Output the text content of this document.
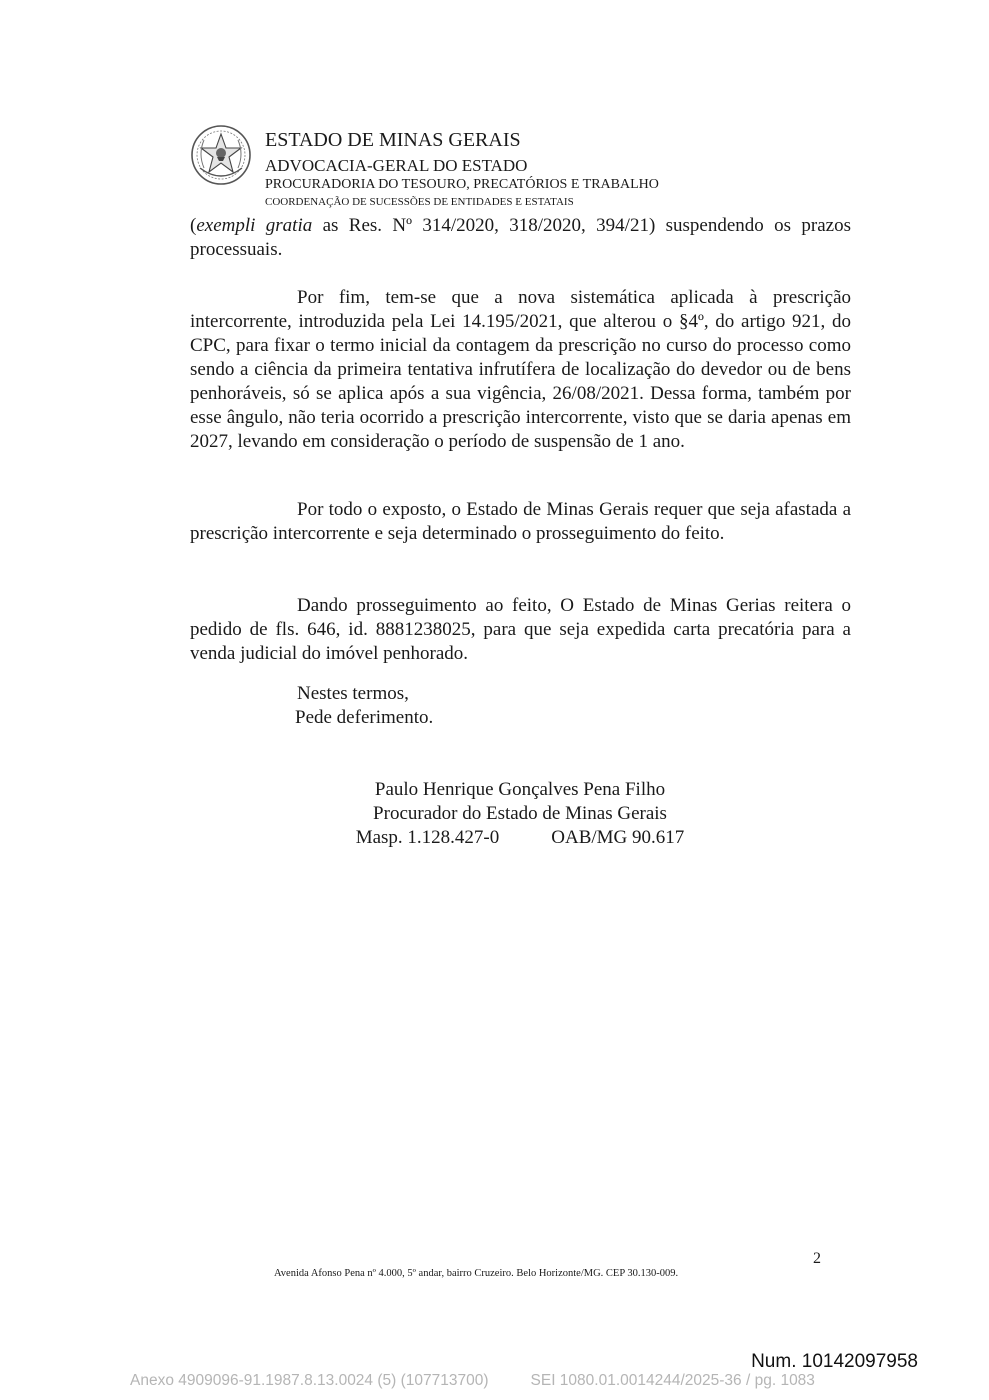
ESTADO DE MINAS GERAIS
ADVOCACIA-GERAL DO ESTADO
PROCURADORIA DO TESOURO, PRECATÓRIOS E TRABALHO
COORDENAÇÃO DE SUCESSÕES DE ENTIDADES E ESTATAIS

(exempli gratia as Res. Nº 314/2020, 318/2020, 394/21) suspendendo os prazos processuais.

Por fim, tem-se que a nova sistemática aplicada à prescrição intercorrente, introduzida pela Lei 14.195/2021, que alterou o §4º, do artigo 921, do CPC, para fixar o termo inicial da contagem da prescrição no curso do processo como sendo a ciência da primeira tentativa infrutífera de localização do devedor ou de bens penhoráveis, só se aplica após a sua vigência, 26/08/2021. Dessa forma, também por esse ângulo, não teria ocorrido a prescrição intercorrente, visto que se daria apenas em 2027, levando em consideração o período de suspensão de 1 ano.

Por todo o exposto, o Estado de Minas Gerais requer que seja afastada a prescrição intercorrente e seja determinado o prosseguimento do feito.

Dando prosseguimento ao feito, O Estado de Minas Gerias reitera o pedido de fls. 646, id. 8881238025, para que seja expedida carta precatória para a venda judicial do imóvel penhorado.

Nestes termos,
Pede deferimento.
Paulo Henrique Gonçalves Pena Filho
Procurador do Estado de Minas Gerais
Masp. 1.128.427-0	OAB/MG 90.617
2
Avenida Afonso Pena nº 4.000, 5º andar, bairro Cruzeiro. Belo Horizonte/MG. CEP 30.130-009.
Num. 10142097958
Anexo 4909096-91.1987.8.13.0024 (5) (107713700)	SEI 1080.01.0014244/2025-36 / pg. 1083
